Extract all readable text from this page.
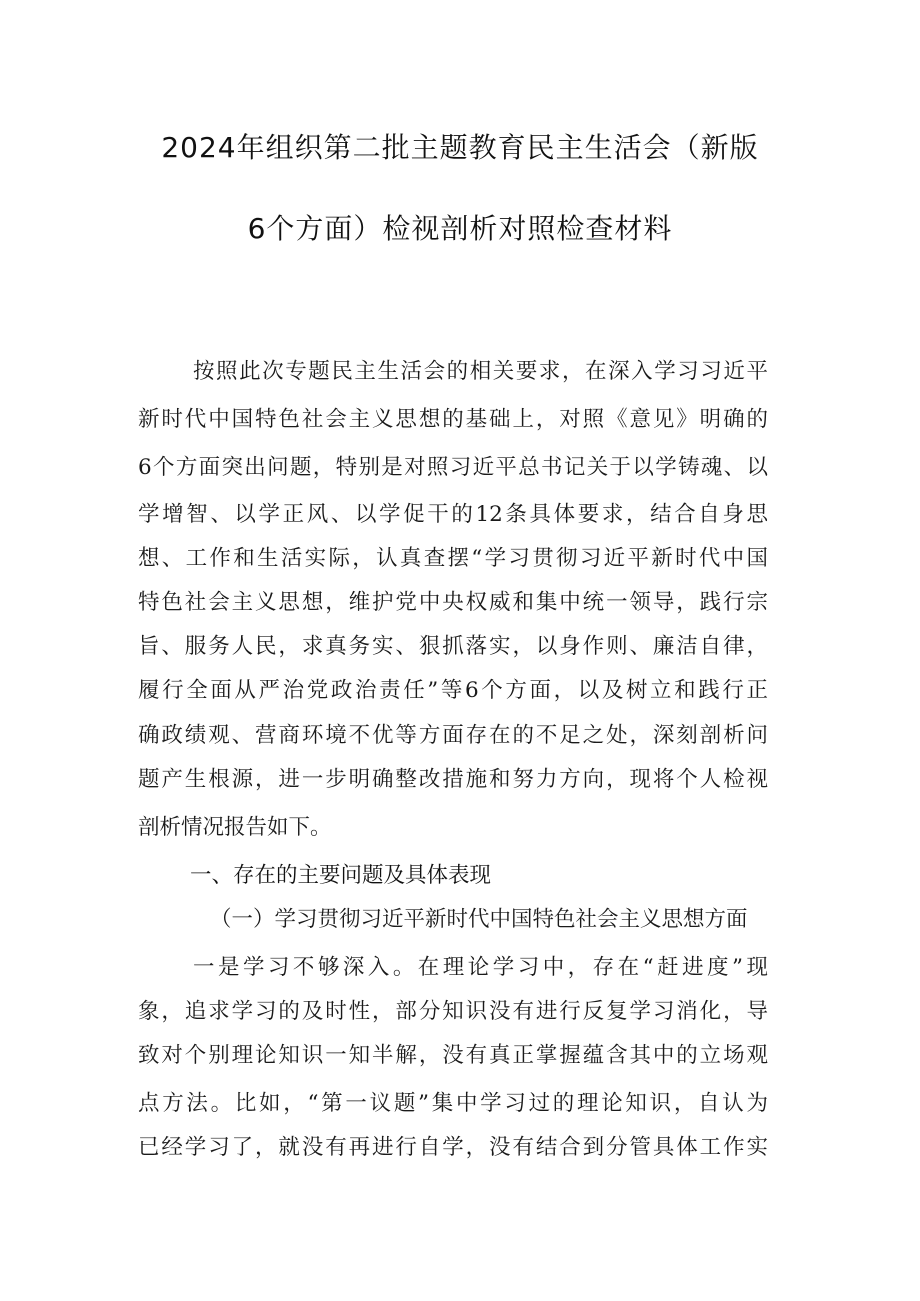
2024年组织第二批主题教育民主生活会（新版
6个方面）检视剖析对照检查材料
按照此次专题民主生活会的相关要求，在深入学习习近平
新时代中国特色社会主义思想的基础上，对照《意见》明确的
6个方面突出问题，特别是对照习近平总书记关于以学铸魂、以
学增智、以学正风、以学促干的12条具体要求，结合自身思
想、工作和生活实际，认真查摆“学习贯彻习近平新时代中国
特色社会主义思想，维护党中央权威和集中统一领导，践行宗
旨、服务人民，求真务实、狠抓落实，以身作则、廉洁自律，
履行全面从严治党政治责任”等6个方面，以及树立和践行正
确政绩观、营商环境不优等方面存在的不足之处，深刻剖析问
题产生根源，进一步明确整改措施和努力方向，现将个人检视
剖析情况报告如下。
一、存在的主要问题及具体表现
（一）学习贯彻习近平新时代中国特色社会主义思想方面
一是学习不够深入。在理论学习中，存在“赶进度”现
象，追求学习的及时性，部分知识没有进行反复学习消化，导
致对个别理论知识一知半解，没有真正掌握蕴含其中的立场观
点方法。比如，“第一议题”集中学习过的理论知识，自认为
已经学习了，就没有再进行自学，没有结合到分管具体工作实
